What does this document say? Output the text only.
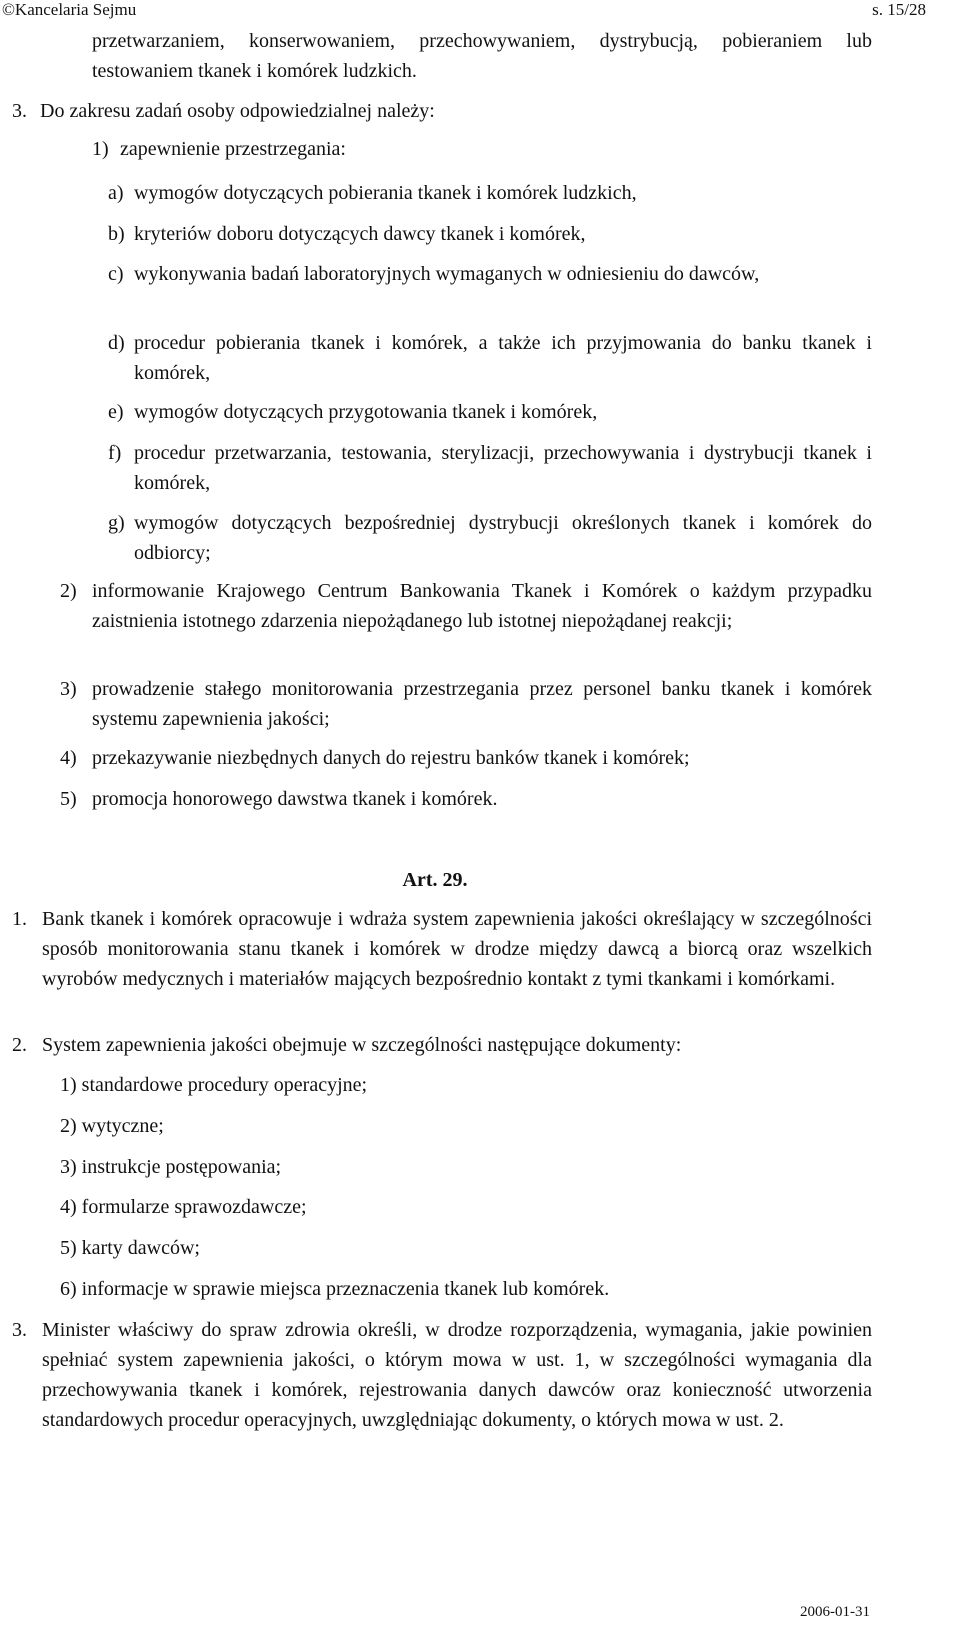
©Kancelaria Sejmu	s. 15/28
przetwarzaniem, konserwowaniem, przechowywaniem, dystrybucją, pobieraniem lub testowaniem tkanek i komórek ludzkich.
3. Do zakresu zadań osoby odpowiedzialnej należy:
1) zapewnienie przestrzegania:
a) wymogów dotyczących pobierania tkanek i komórek ludzkich,
b) kryteriów doboru dotyczących dawcy tkanek i komórek,
c) wykonywania badań laboratoryjnych wymaganych w odniesieniu do dawców,
d) procedur pobierania tkanek i komórek, a także ich przyjmowania do banku tkanek i komórek,
e) wymogów dotyczących przygotowania tkanek i komórek,
f) procedur przetwarzania, testowania, sterylizacji, przechowywania i dystrybucji tkanek i komórek,
g) wymogów dotyczących bezpośredniej dystrybucji określonych tkanek i komórek do odbiorcy;
2) informowanie Krajowego Centrum Bankowania Tkanek i Komórek o każdym przypadku zaistnienia istotnego zdarzenia niepożądanego lub istotnej niepożądanej reakcji;
3) prowadzenie stałego monitorowania przestrzegania przez personel banku tkanek i komórek systemu zapewnienia jakości;
4) przekazywanie niezbędnych danych do rejestru banków tkanek i komórek;
5) promocja honorowego dawstwa tkanek i komórek.
Art. 29.
1. Bank tkanek i komórek opracowuje i wdraża system zapewnienia jakości określający w szczególności sposób monitorowania stanu tkanek i komórek w drodze między dawcą a biorcą oraz wszelkich wyrobów medycznych i materiałów mających bezpośrednio kontakt z tymi tkankami i komórkami.
2. System zapewnienia jakości obejmuje w szczególności następujące dokumenty:
1) standardowe procedury operacyjne;
2) wytyczne;
3) instrukcje postępowania;
4) formularze sprawozdawcze;
5) karty dawców;
6) informacje w sprawie miejsca przeznaczenia tkanek lub komórek.
3. Minister właściwy do spraw zdrowia określi, w drodze rozporządzenia, wymagania, jakie powinien spełniać system zapewnienia jakości, o którym mowa w ust. 1, w szczególności wymagania dla przechowywania tkanek i komórek, rejestrowania danych dawców oraz konieczność utworzenia standardowych procedur operacyjnych, uwzględniając dokumenty, o których mowa w ust. 2.
2006-01-31
